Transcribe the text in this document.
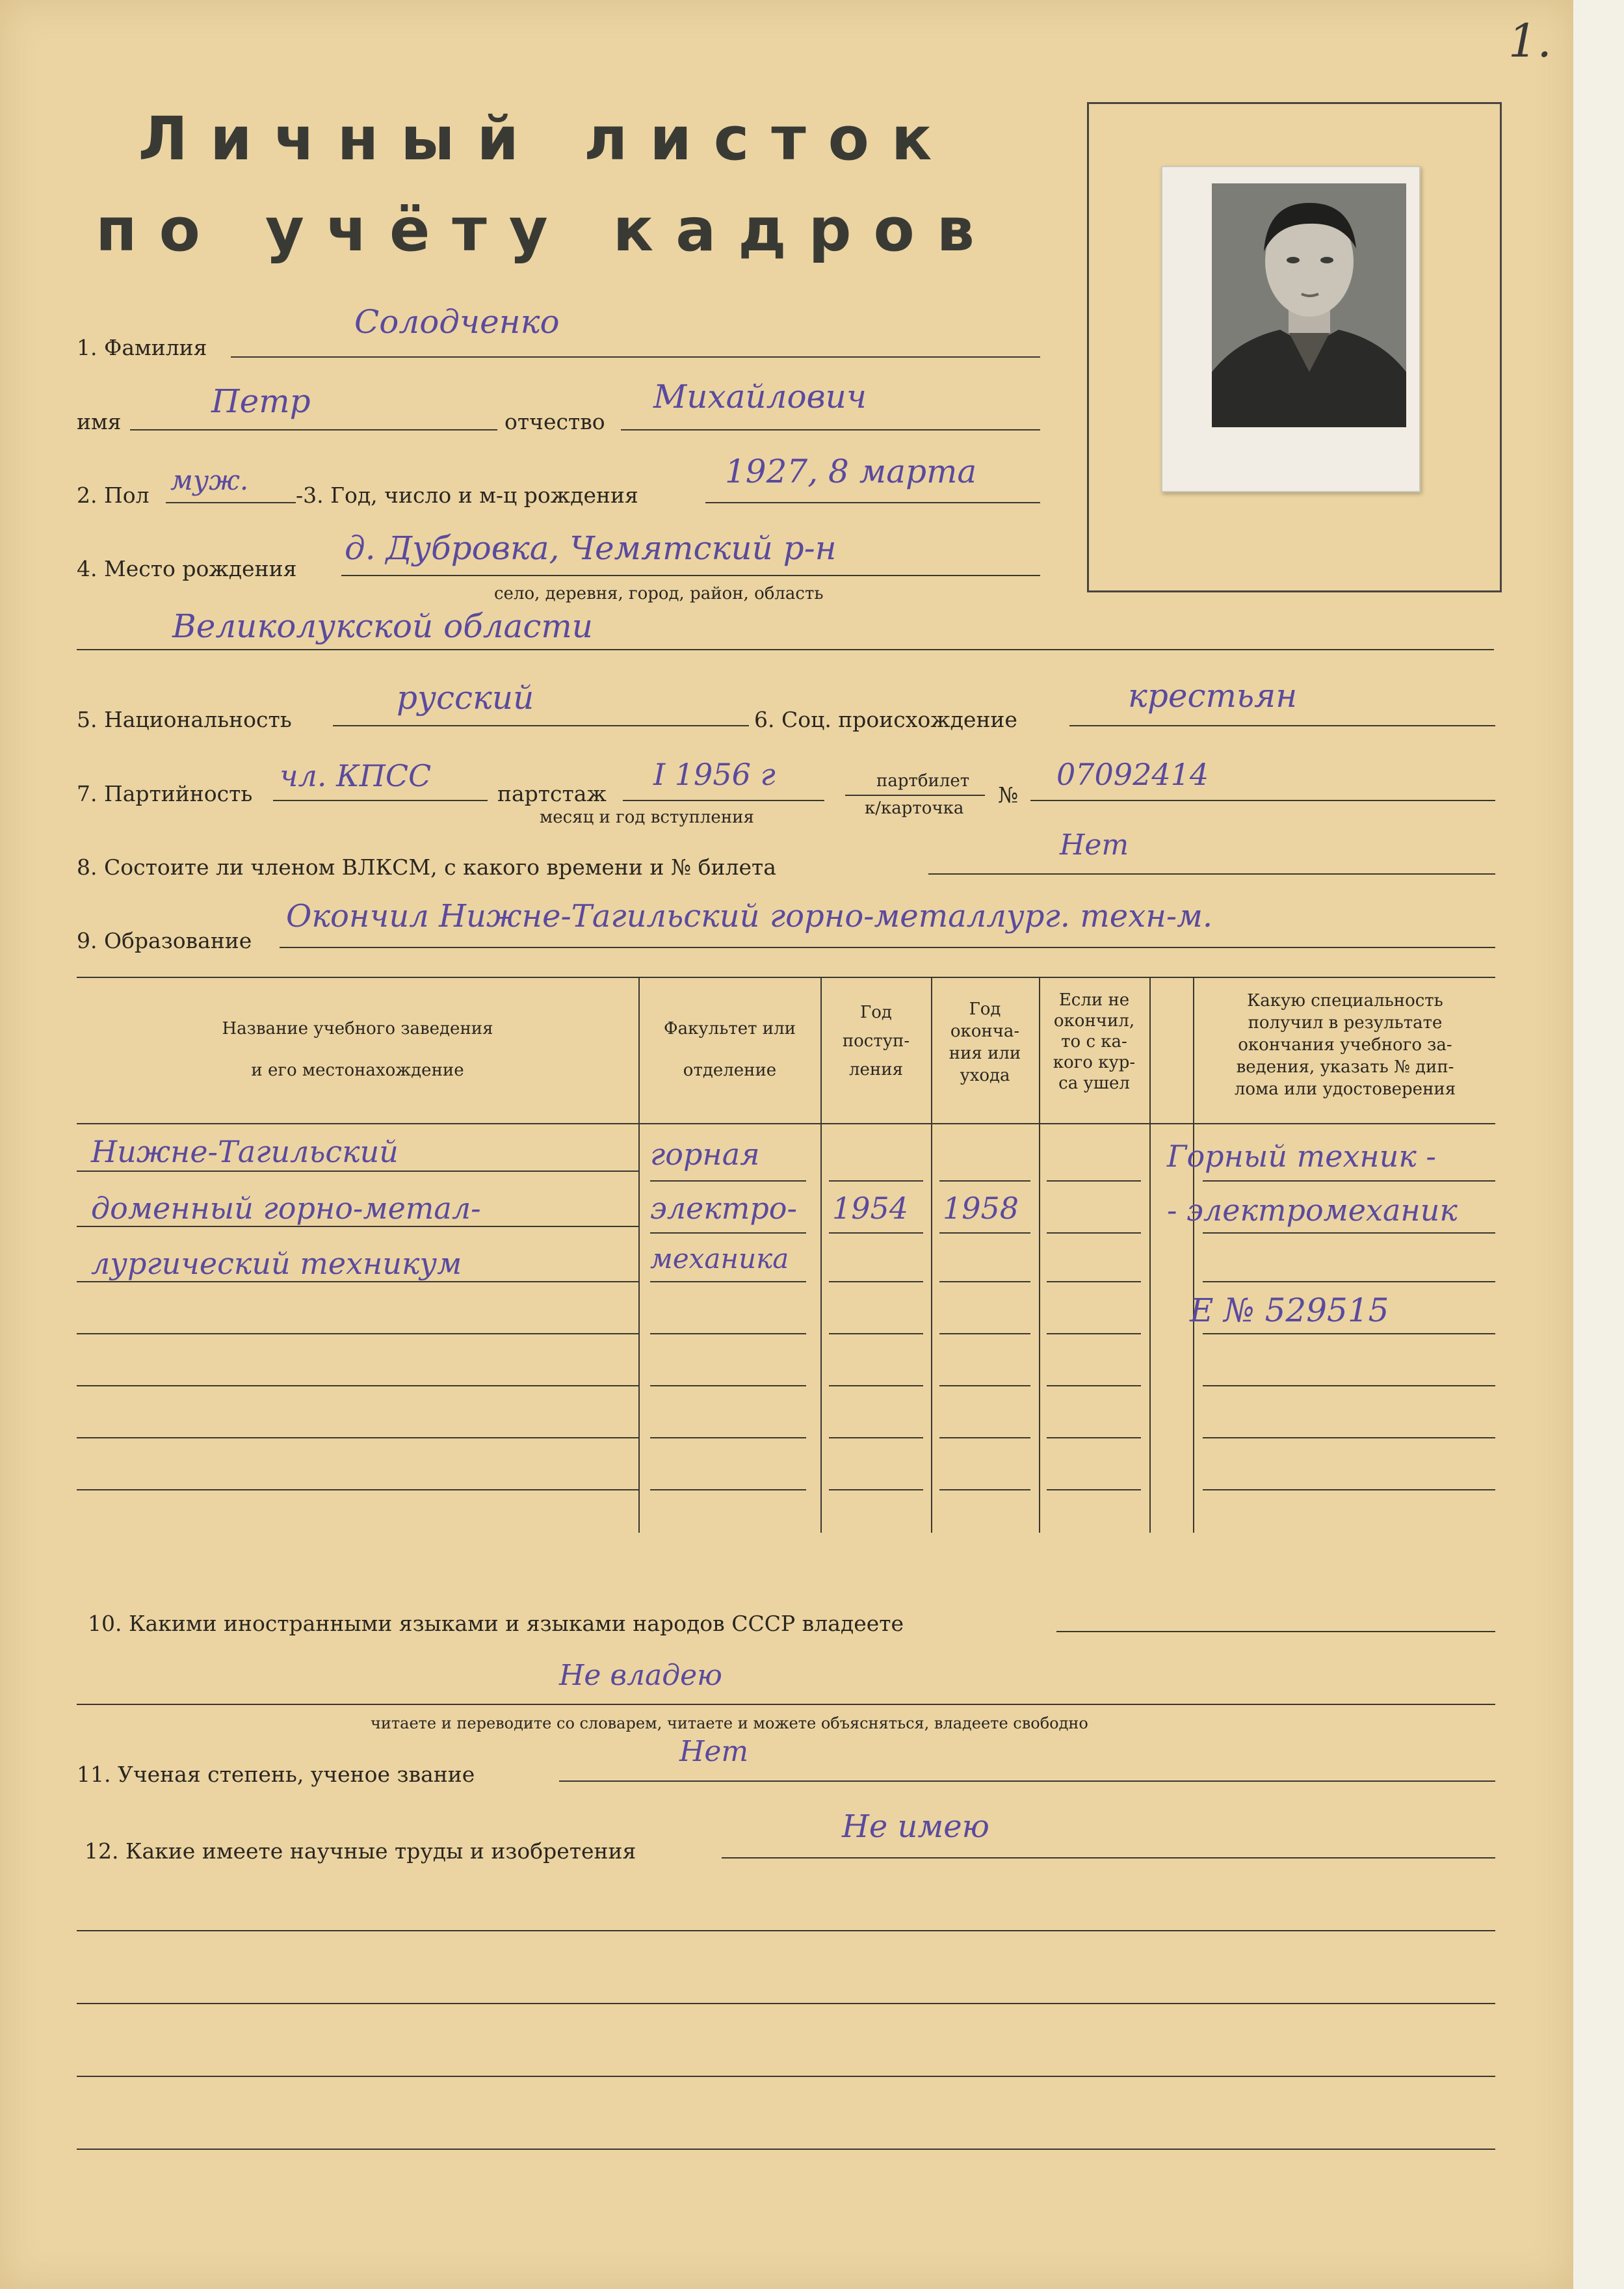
1.
Личный листок
по учёту кадров
1. Фамилия
Солодченко
имя
Петр
отчество
Михайлович
2. Пол муж. -3. Год, число и м-ц рождения
1927, 8 марта
4. Место рождения
д. Дубровка, Чемятский р-н
село, деревня, город, район, область
Великолукской области
5. Национальность
русский
6. Соц. происхождение
крестьян
7. Партийность
чл. КПСС
партстаж
I 1956 г
месяц и год вступления
партбилет
к/карточка
№
07092414
8. Состоите ли членом ВЛКСМ, с какого времени и № билета
Нет
9. Образование
Окончил Нижне-Тагильский горно-металлург. техн-м.
Название учебного заведения
и его местонахождение
Факультет или
отделение
Год
поступ-
ления
Год
оконча-
ния или
ухода
Если не
окончил,
то с ка-
кого кур-
са ушел
Какую специальность
получил в результате
окончания учебного за-
ведения, указать № дип-
лома или удостоверения
Нижне-Тагильский
доменный горно-метал-
лургический техникум
горная
электро-
механика
1954 1958
Горный техник -
- электромеханик
Е № 529515
10. Какими иностранными языками и языками народов СССР владеете
Не владею
читаете и переводите со словарем, читаете и можете объясняться, владеете свободно
11. Ученая степень, ученое звание
Нет
12. Какие имеете научные труды и изобретения
Не имею
